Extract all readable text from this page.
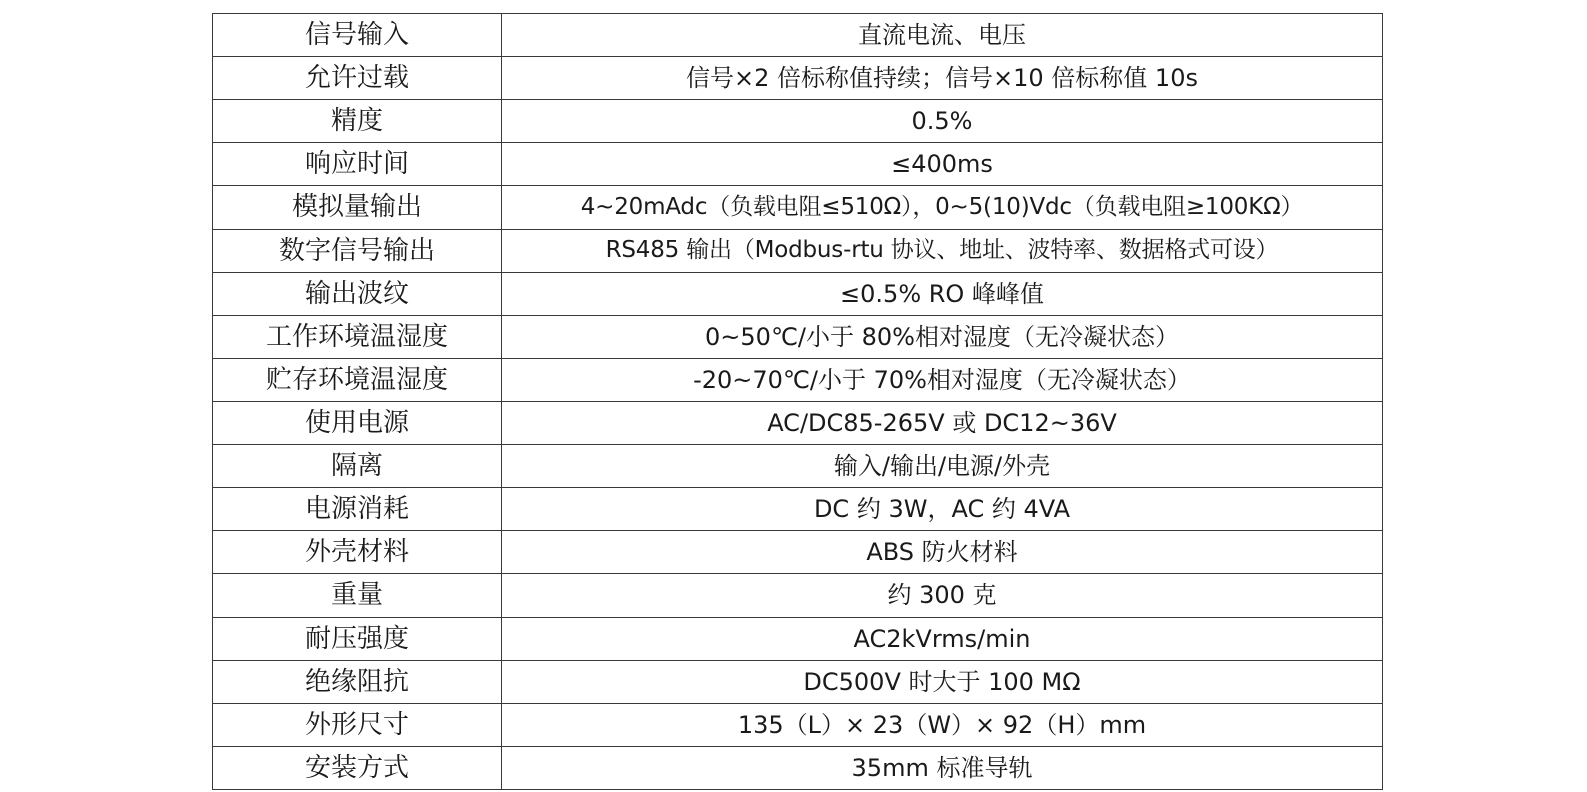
信号输入	直流电流、电压
允许过载	信号×2 倍标称值持续；信号×10 倍标称值 10s
精度	0.5%
响应时间	≤400ms
模拟量输出	4~20mAdc（负载电阻≤510Ω），0~5(10)Vdc（负载电阻≥100KΩ）
数字信号输出	RS485 输出（Modbus-rtu 协议、地址、波特率、数据格式可设）
输出波纹	≤0.5% RO 峰峰值
工作环境温湿度	0~50℃/小于 80%相对湿度（无冷凝状态）
贮存环境温湿度	-20~70℃/小于 70%相对湿度（无冷凝状态）
使用电源	AC/DC85-265V 或 DC12~36V
隔离	输入/输出/电源/外壳
电源消耗	DC 约 3W，AC 约 4VA
外壳材料	ABS 防火材料
重量	约 300 克
耐压强度	AC2kVrms/min
绝缘阻抗	DC500V 时大于 100 MΩ
外形尺寸	135（L）× 23（W）× 92（H）mm
安装方式	35mm 标准导轨
